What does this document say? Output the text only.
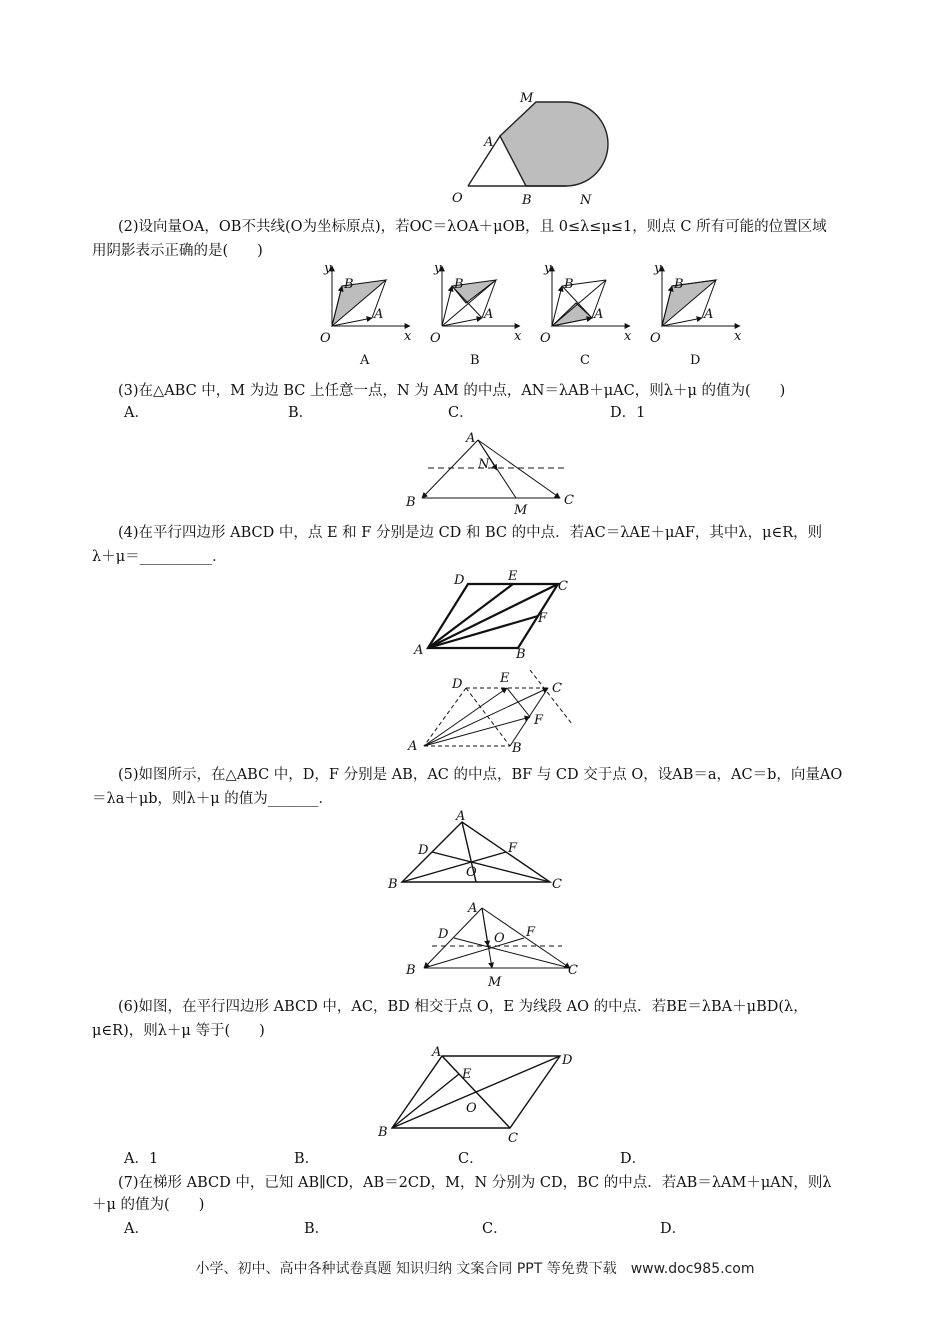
M
A
O	B	N
(2)设向量OA，OB不共线(O为坐标原点)，若OC＝λOA＋μOB，且 0≤λ≤μ≤1，则点 C 所有可能的位置区域
用阴影表示正确的是(　　)
y
B
A
x
O
A
y
B
A
x
O
B
y
B
A
x
O
C
y
B
A
x
O
D
(3)在△ABC 中，M 为边 BC 上任意一点，N 为 AM 的中点，AN＝λAB＋μAC，则λ＋μ 的值为(　　)
A．	B．	C．	D．1
A
N
B
M
C
(4)在平行四边形 ABCD 中，点 E 和 F 分别是边 CD 和 BC 的中点．若AC＝λAE＋μAF，其中λ，μ∈R，则
λ＋μ＝__________．
D	E
C
F
A	B
D	E
C
F
A	B
(5)如图所示，在△ABC 中，D，F 分别是 AB，AC 的中点，BF 与 CD 交于点 O，设AB＝a，AC＝b，向量AO
＝λa＋μb，则λ＋μ 的值为_______．
A
D	F
O
B	C
A
D	F
O
B	C
M
(6)如图，在平行四边形 ABCD 中，AC，BD 相交于点 O，E 为线段 AO 的中点．若BE＝λBA＋μBD(λ，
μ∈R)，则λ＋μ 等于(　　)
A
D
E
O
B	C
A．1	B．	C．	D．
(7)在梯形 ABCD 中，已知 AB∥CD，AB＝2CD，M，N 分别为 CD，BC 的中点．若AB＝λAM＋μAN，则λ
＋μ 的值为(　　)
A．	B．	C．	D．
小学、初中、高中各种试卷真题 知识归纳 文案合同 PPT 等免费下载　www.doc985.com
